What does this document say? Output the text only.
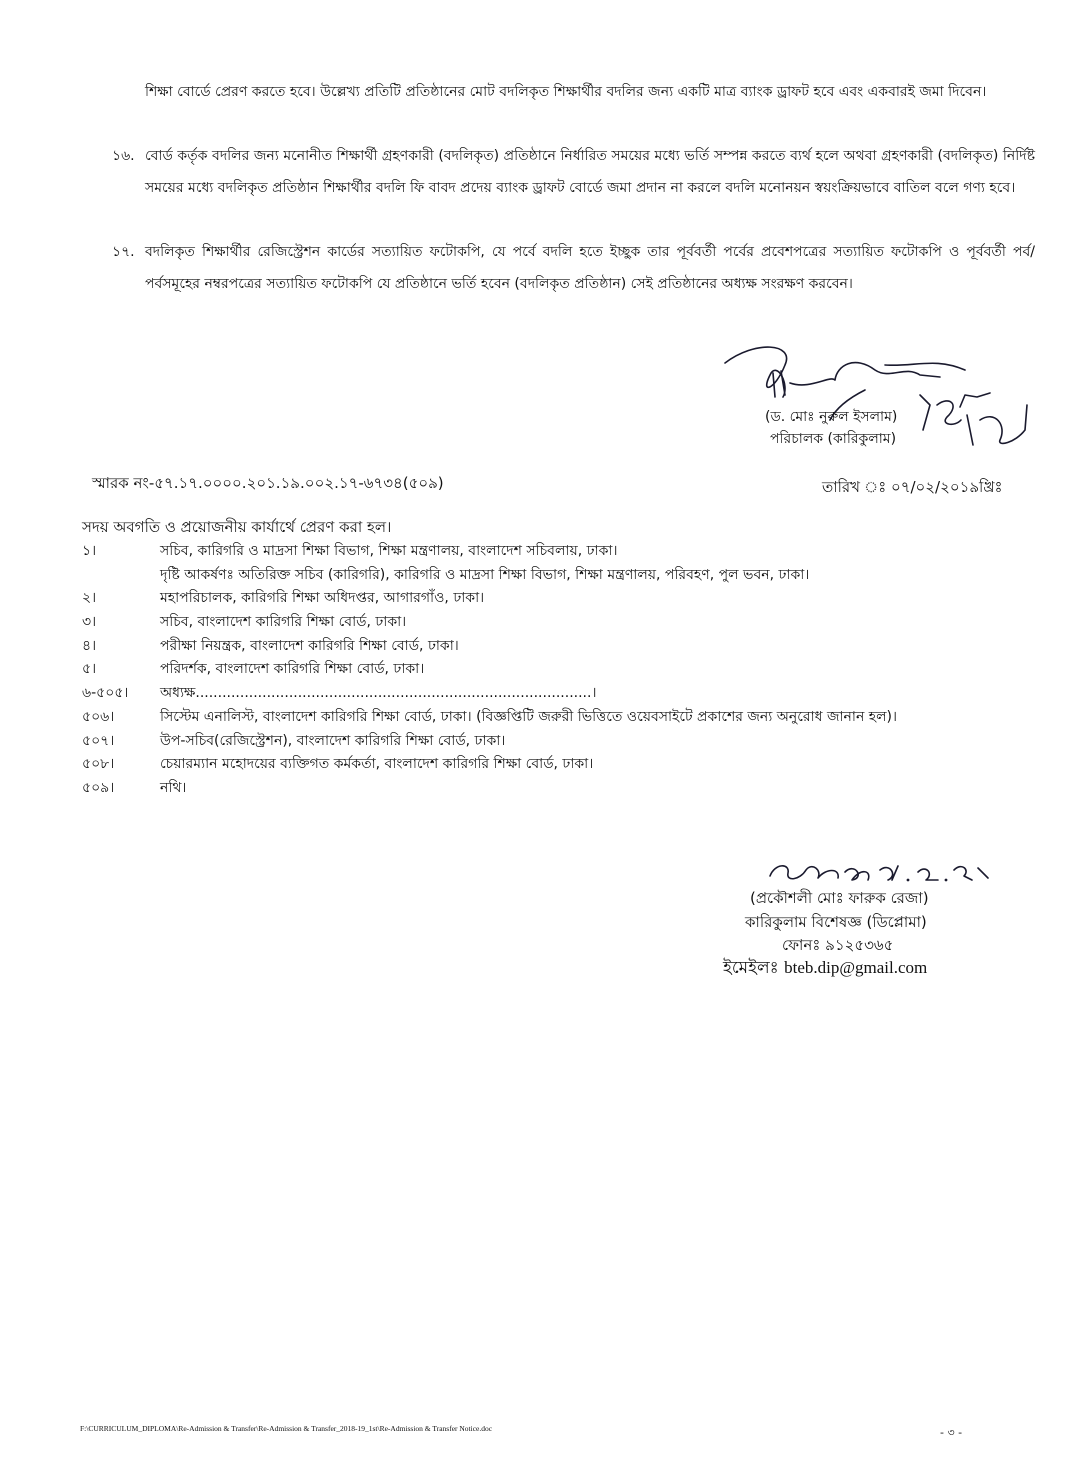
শিক্ষা বোর্ডে প্রেরণ করতে হবে। উল্লেখ্য প্রতিটি প্রতিষ্ঠানের মোট বদলিকৃত শিক্ষার্থীর বদলির জন্য একটি মাত্র ব্যাংক ড্রাফট হবে এবং একবারই জমা দিবেন।
১৬. বোর্ড কর্তৃক বদলির জন্য মনোনীত শিক্ষার্থী গ্রহণকারী (বদলিকৃত) প্রতিষ্ঠানে নির্ধারিত সময়ের মধ্যে ভর্তি সম্পন্ন করতে ব্যর্থ হলে অথবা গ্রহণকারী (বদলিকৃত) নির্দিষ্ট সময়ের মধ্যে বদলিকৃত প্রতিষ্ঠান শিক্ষার্থীর বদলি ফি বাবদ প্রদেয় ব্যাংক ড্রাফট বোর্ডে জমা প্রদান না করলে বদলি মনোনয়ন স্বয়ংক্রিয়ভাবে বাতিল বলে গণ্য হবে।
১৭. বদলিকৃত শিক্ষার্থীর রেজিস্ট্রেশন কার্ডের সত্যায়িত ফটোকপি, যে পর্বে বদলি হতে ইচ্ছুক তার পূর্ববর্তী পর্বের প্রবেশপত্রের সত্যায়িত ফটোকপি ও পূর্ববর্তী পর্ব/পর্বসমূহের নম্বরপত্রের সত্যায়িত ফটোকপি যে প্রতিষ্ঠানে ভর্তি হবেন (বদলিকৃত প্রতিষ্ঠান) সেই প্রতিষ্ঠানের অধ্যক্ষ সংরক্ষণ করবেন।
(ড. মোঃ নুরুল ইসলাম)
পরিচালক (কারিকুলাম)
স্মারক নং-৫৭.১৭.০০০০.২০১.১৯.০০২.১৭-৬৭৩৪(৫০৯)	তারিখ ঃ ০৭/০২/২০১৯খ্রিঃ
সদয় অবগতি ও প্রয়োজনীয় কার্যার্থে প্রেরণ করা হল।
১।	সচিব, কারিগরি ও মাদ্রসা শিক্ষা বিভাগ, শিক্ষা মন্ত্রণালয়, বাংলাদেশ সচিবলায়, ঢাকা।
দৃষ্টি আকর্ষণঃ অতিরিক্ত সচিব (কারিগরি), কারিগরি ও মাদ্রসা শিক্ষা বিভাগ, শিক্ষা মন্ত্রণালয়, পরিবহণ, পুল ভবন, ঢাকা।
২।	মহাপরিচালক, কারিগরি শিক্ষা অধিদপ্তর, আগারগাঁও, ঢাকা।
৩।	সচিব, বাংলাদেশ কারিগরি শিক্ষা বোর্ড, ঢাকা।
৪।	পরীক্ষা নিয়ন্ত্রক, বাংলাদেশ কারিগরি শিক্ষা বোর্ড, ঢাকা।
৫।	পরিদর্শক, বাংলাদেশ কারিগরি শিক্ষা বোর্ড, ঢাকা।
৬-৫০৫।	অধ্যক্ষ.........................................................................................।
৫০৬।	সিস্টেম এনালিস্ট, বাংলাদেশ কারিগরি শিক্ষা বোর্ড, ঢাকা। (বিজ্ঞপ্তিটি জরুরী ভিত্তিতে ওয়েবসাইটে প্রকাশের জন্য অনুরোধ জানান হল)।
৫০৭।	উপ-সচিব(রেজিস্ট্রেশন), বাংলাদেশ কারিগরি শিক্ষা বোর্ড, ঢাকা।
৫০৮।	চেয়ারম্যান মহোদয়ের ব্যক্তিগত কর্মকর্তা, বাংলাদেশ কারিগরি শিক্ষা বোর্ড, ঢাকা।
৫০৯।	নথি।
(প্রকৌশলী মোঃ ফারুক রেজা)
কারিকুলাম বিশেষজ্ঞ (ডিপ্লোমা)
ফোনঃ ৯১২৫৩৬৫
ইমেইলঃ bteb.dip@gmail.com
F:\CURRICULUM_DIPLOMA\Re-Admission & Transfer\Re-Admission & Transfer_2018-19_1st\Re-Admission & Transfer Notice.doc	- ৩ -
